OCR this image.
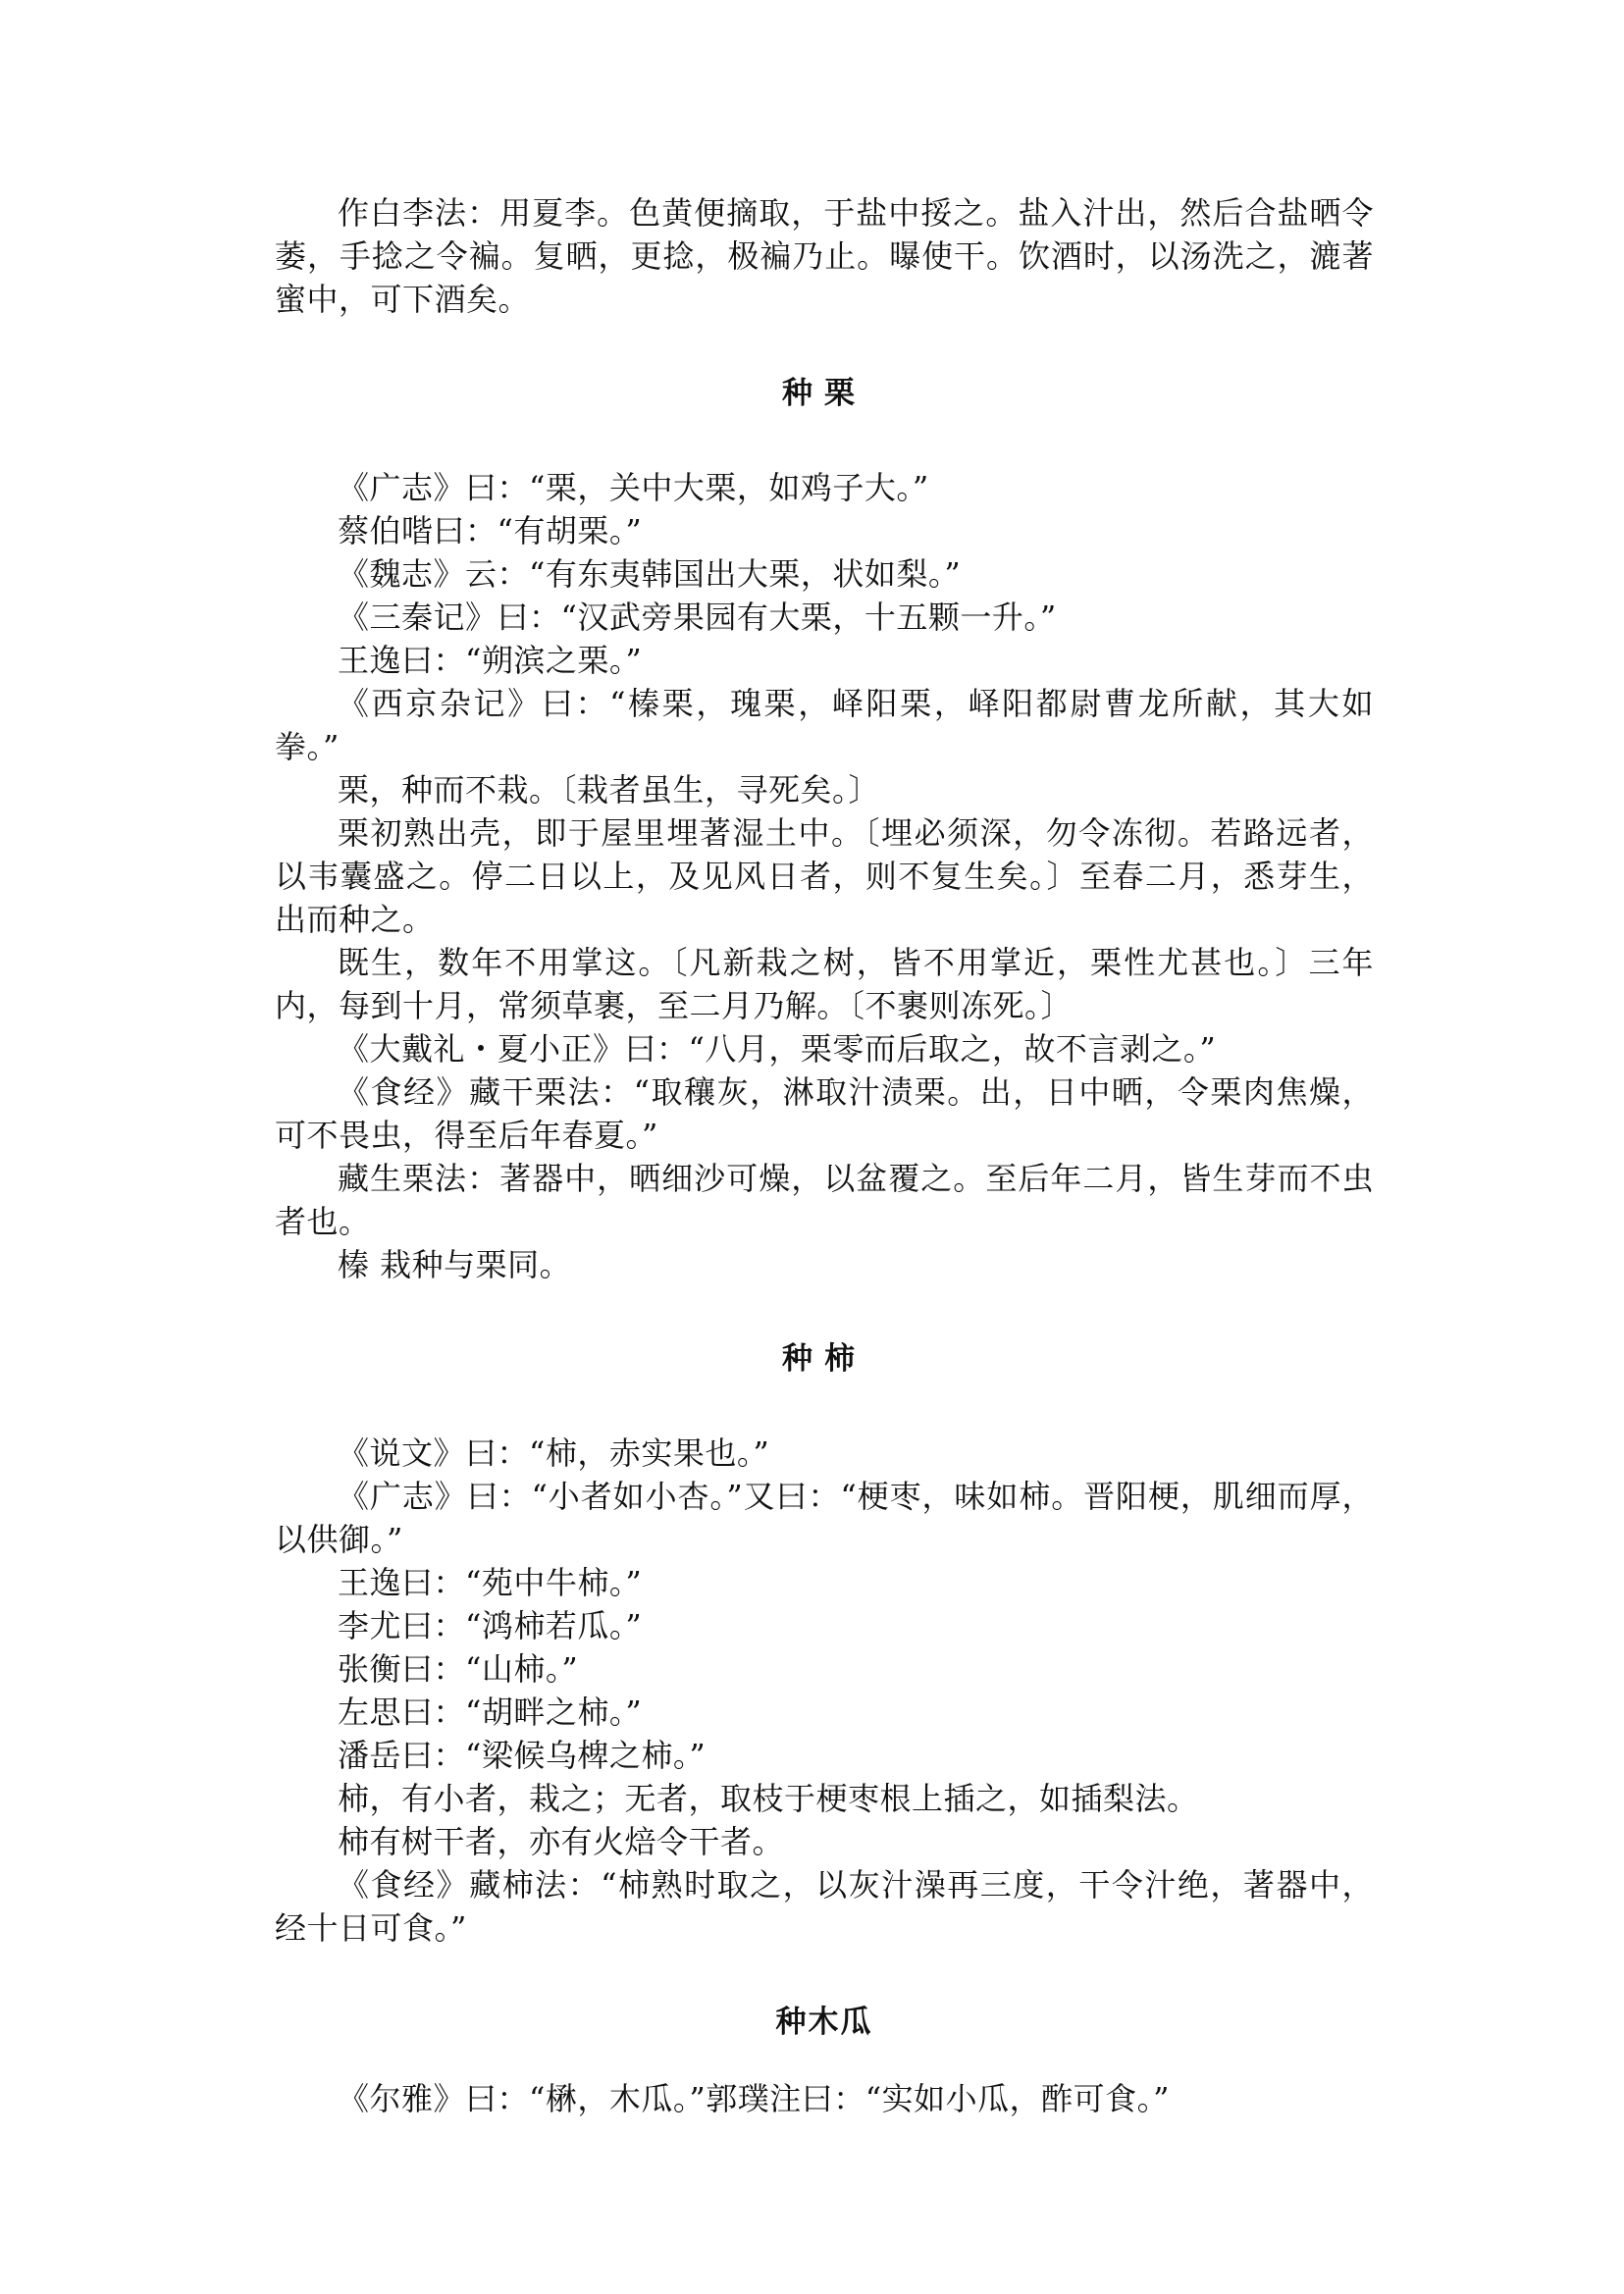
作白李法：用夏李。色黄便摘取，于盐中挼之。盐入汁出，然后合盐晒令萎，手捻之令褊。复晒，更捻，极褊乃止。曝使干。饮酒时，以汤洗之，漉著蜜中，可下酒矣。

种栗

《广志》曰：“栗，关中大栗，如鸡子大。”

蔡伯喈曰：“有胡栗。”

《魏志》云：“有东夷韩国出大栗，状如梨。”

《三秦记》曰：“汉武旁果园有大栗，十五颗一升。”

王逸曰：“朔滨之栗。”

《西京杂记》曰：“榛栗，瑰栗，峄阳栗，峄阳都尉曹龙所献，其大如拳。”

栗，种而不栽。〔栽者虽生，寻死矣。〕

栗初熟出壳，即于屋里埋著湿土中。〔埋必须深，勿令冻彻。若路远者，以韦囊盛之。停二日以上，及见风日者，则不复生矣。〕至春二月，悉芽生，出而种之。

既生，数年不用掌这。〔凡新栽之树，皆不用掌近，栗性尤甚也。〕三年内，每到十月，常须草裹，至二月乃解。〔不裹则冻死。〕

《大戴礼・夏小正》曰：“八月，栗零而后取之，故不言剥之。”

《食经》藏干栗法：“取穰灰，淋取汁渍栗。出，日中晒，令栗肉焦燥，可不畏虫，得至后年春夏。”

藏生栗法：著器中，晒细沙可燥，以盆覆之。至后年二月，皆生芽而不虫者也。

榛 栽种与栗同。

种柿

《说文》曰：“柿，赤实果也。”

《广志》曰：“小者如小杏。”又曰：“梗枣，味如柿。晋阳梗，肌细而厚，以供御。”

王逸曰：“苑中牛柿。”

李尤曰：“鸿柿若瓜。”

张衡曰：“山柿。”

左思曰：“胡畔之柿。”

潘岳曰：“梁候乌椑之柿。”

柿，有小者，栽之；无者，取枝于梗枣根上插之，如插梨法。

柿有树干者，亦有火焙令干者。

《食经》藏柿法：“柿熟时取之，以灰汁澡再三度，干令汁绝，著器中，经十日可食。”

种木瓜

《尔雅》曰：“楙，木瓜。”郭璞注曰：“实如小瓜，酢可食。”
